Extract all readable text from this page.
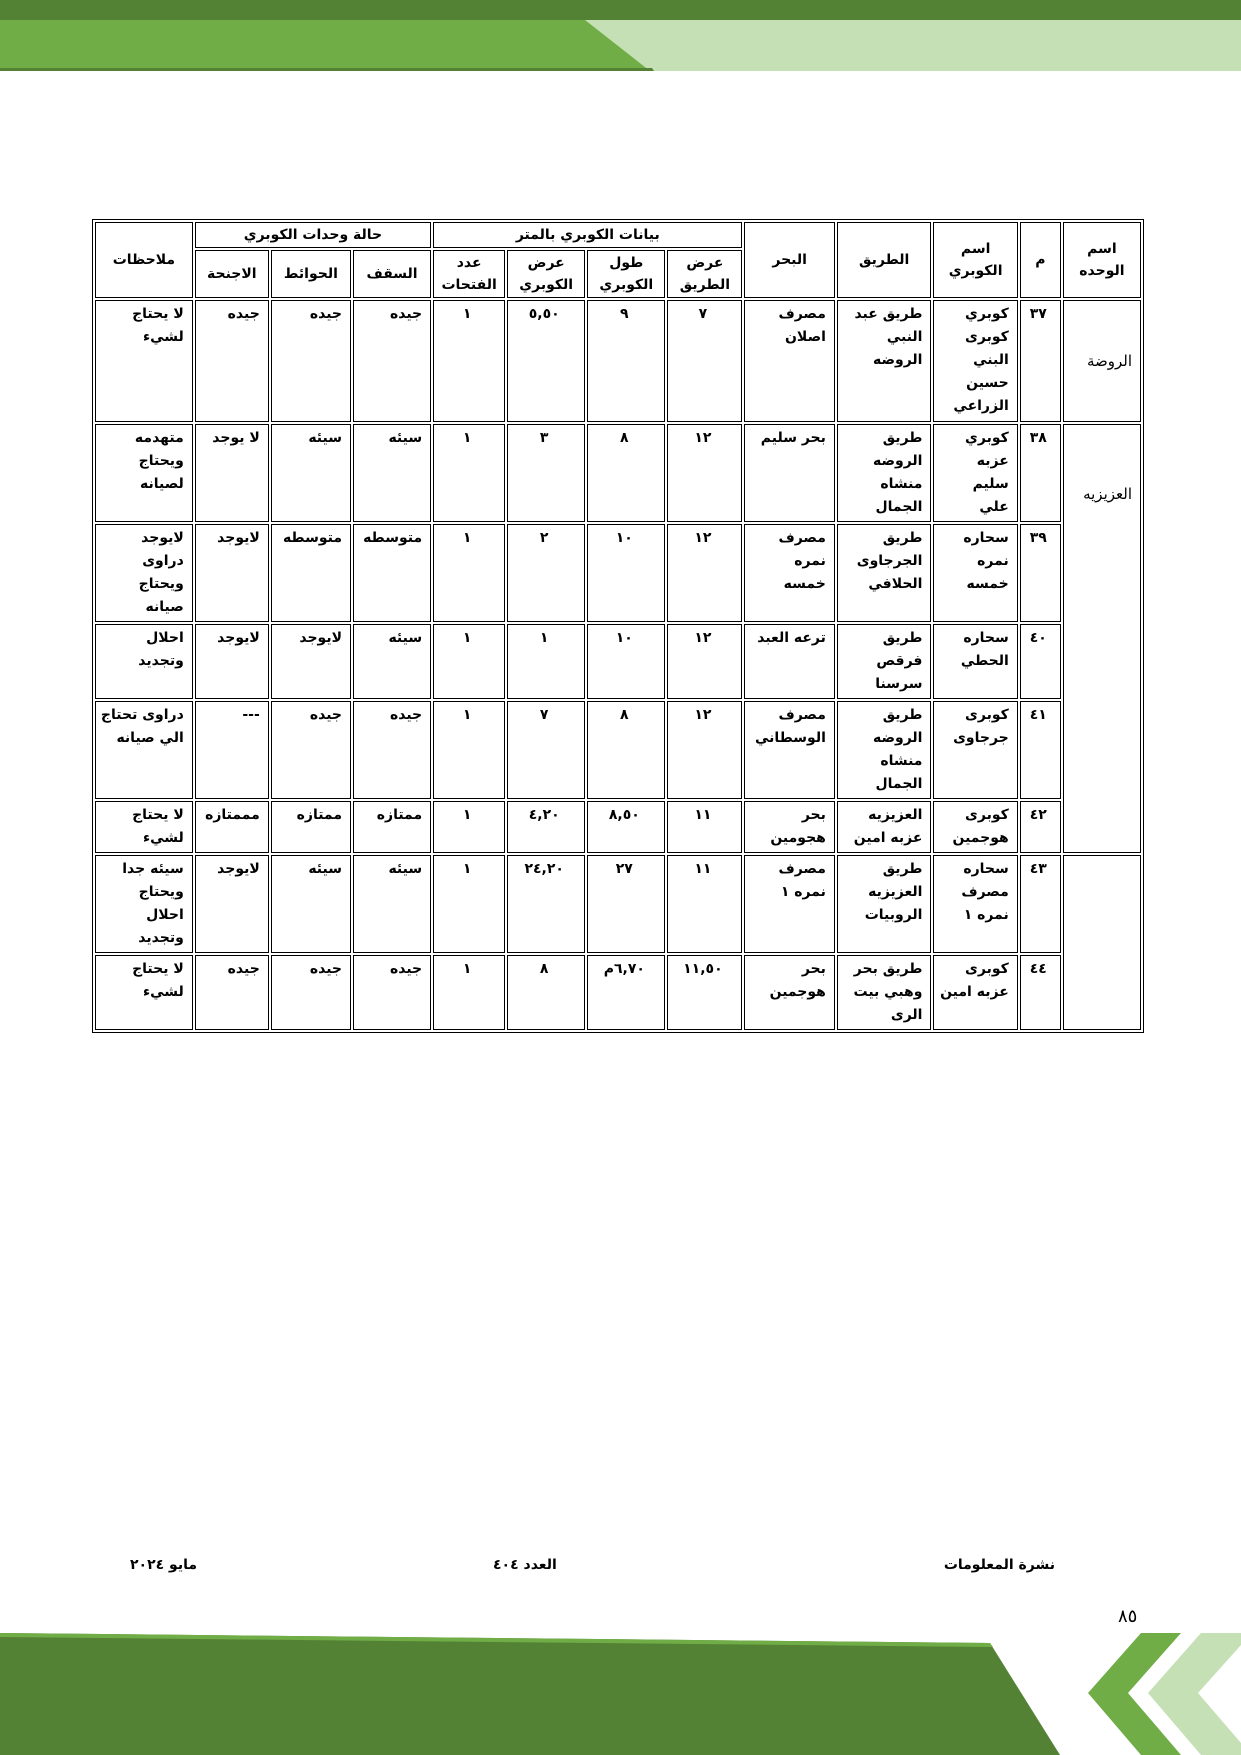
اسم الوحده	م	اسم الكوبري	الطريق	البحر	بيانات الكوبري بالمتر				حالة وحدات الكوبري			ملاحظات
					عرض الطريق	طول الكوبري	عرض الكوبري	عدد الفتحات	السقف	الحوائط	الاجنحة	
الروضة	٣٧	كوبري كوبرى البني حسين الزراعي	طريق عبد النبي الروضه	مصرف اصلان	٧	٩	٥,٥٠	١	جيده	جيده	جيده	لا يحتاج لشيء
العزيزيه	٣٨	كوبري عزبه سليم علي	طريق الروضه منشاه الجمال	بحر سليم	١٢	٨	٣	١	سيئه	سيئه	لا يوجد	متهدمه ويحتاج لصيانه
	٣٩	سحاره نمره خمسه	طريق الجرجاوى الحلافي	مصرف نمره خمسه	١٢	١٠	٢	١	متوسطه	متوسطه	لايوجد	لايوجد دراوى ويحتاج صيانه
	٤٠	سحاره الحطي	طريق فرقص سرسنا	ترعه العبد	١٢	١٠	١	١	سيئه	لايوجد	لايوجد	احلال وتجديد
	٤١	كوبرى جرجاوى	طريق الروضه منشاه الجمال	مصرف الوسطاني	١٢	٨	٧	١	جيده	جيده	---	دراوى تحتاج الي صيانه
	٤٢	كوبرى هوجمين	العزيزيه عزبه امين	بحر هجومين	١١	٨,٥٠	٤,٢٠	١	ممتازه	ممتازه	مممتازه	لا يحتاج لشيء
	٤٣	سحاره مصرف نمره ١	طريق العزيزيه الروبيات	مصرف نمره ١	١١	٢٧	٢٤,٢٠	١	سيئه	سيئه	لايوجد	سيئه جدا ويحتاج احلال وتجديد
	٤٤	كوبرى عزبه امين	طريق بحر وهبي بيت الرى	بحر هوجمين	١١,٥٠	٦,٧٠م	٨	١	جيده	جيده	جيده	لا يحتاج لشيء
نشرة المعلومات
العدد ٤٠٤
مايو ٢٠٢٤
٨٥
